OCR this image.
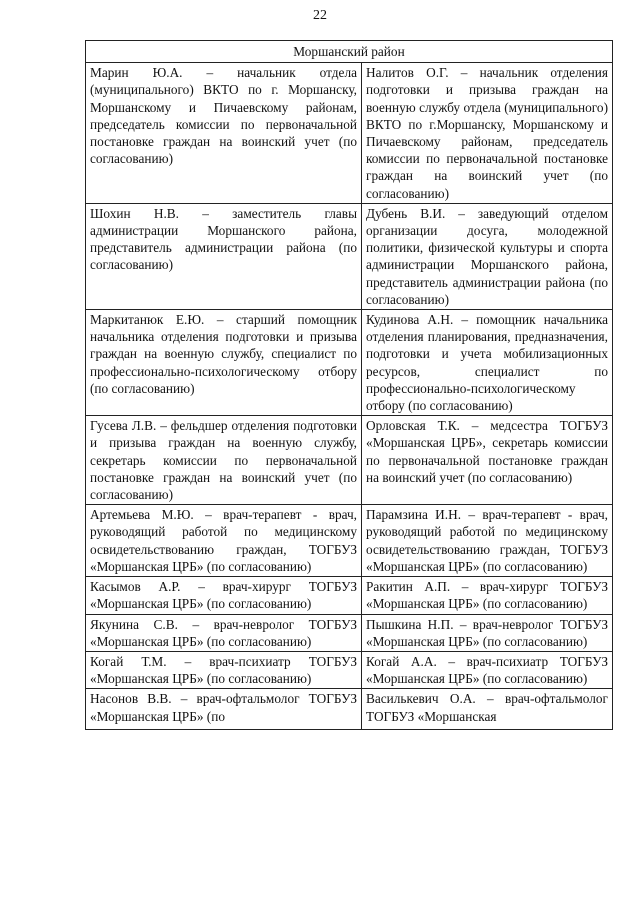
22
Моршанский район	
Марин Ю.А. – начальник отдела (муниципального) ВКТО по г. Моршанску, Моршанскому и Пичаевскому районам, председатель комиссии по первоначальной постановке граждан на воинский учет (по согласованию)	Налитов О.Г. – начальник отделения подготовки и призыва граждан на военную службу отдела (муниципального) ВКТО по г.Моршанску, Моршанскому и Пичаевскому районам, председатель комиссии по первоначальной постановке граждан на воинский учет (по согласованию)
Шохин Н.В. – заместитель главы администрации Моршанского района, представитель администрации района (по согласованию)	Дубень В.И. – заведующий отделом организации досуга, молодежной политики, физической культуры и спорта администрации Моршанского района, представитель администрации района (по согласованию)
Маркитанюк Е.Ю. – старший помощник начальника отделения подготовки и призыва граждан на военную службу, специалист по профессионально-психологическому отбору (по согласованию)	Кудинова А.Н. – помощник начальника отделения планирования, предназначения, подготовки и учета мобилизационных ресурсов, специалист по профессионально-психологическому отбору (по согласованию)
Гусева Л.В. – фельдшер отделения подготовки и призыва граждан на военную службу, секретарь комиссии по первоначальной постановке граждан на воинский учет (по согласованию)	Орловская Т.К. – медсестра ТОГБУЗ «Моршанская ЦРБ», секретарь комиссии по первоначальной постановке граждан на воинский учет (по согласованию)
Артемьева М.Ю. – врач-терапевт - врач, руководящий работой по медицинскому освидетельствованию граждан, ТОГБУЗ «Моршанская ЦРБ» (по согласованию)	Парамзина И.Н. – врач-терапевт - врач, руководящий работой по медицинскому освидетельствованию граждан, ТОГБУЗ «Моршанская ЦРБ» (по согласованию)
Касымов А.Р. – врач-хирург ТОГБУЗ «Моршанская ЦРБ» (по согласованию)	Ракитин А.П. – врач-хирург ТОГБУЗ «Моршанская ЦРБ» (по согласованию)
Якунина С.В. – врач-невролог ТОГБУЗ «Моршанская ЦРБ» (по согласованию)	Пышкина Н.П. – врач-невролог ТОГБУЗ «Моршанская ЦРБ» (по согласованию)
Когай Т.М. – врач-психиатр ТОГБУЗ «Моршанская ЦРБ» (по согласованию)	Когай А.А. – врач-психиатр ТОГБУЗ «Моршанская ЦРБ» (по согласованию)
Насонов В.В. – врач-офтальмолог ТОГБУЗ «Моршанская ЦРБ» (по	Василькевич О.А. – врач-офтальмолог ТОГБУЗ «Моршанская
